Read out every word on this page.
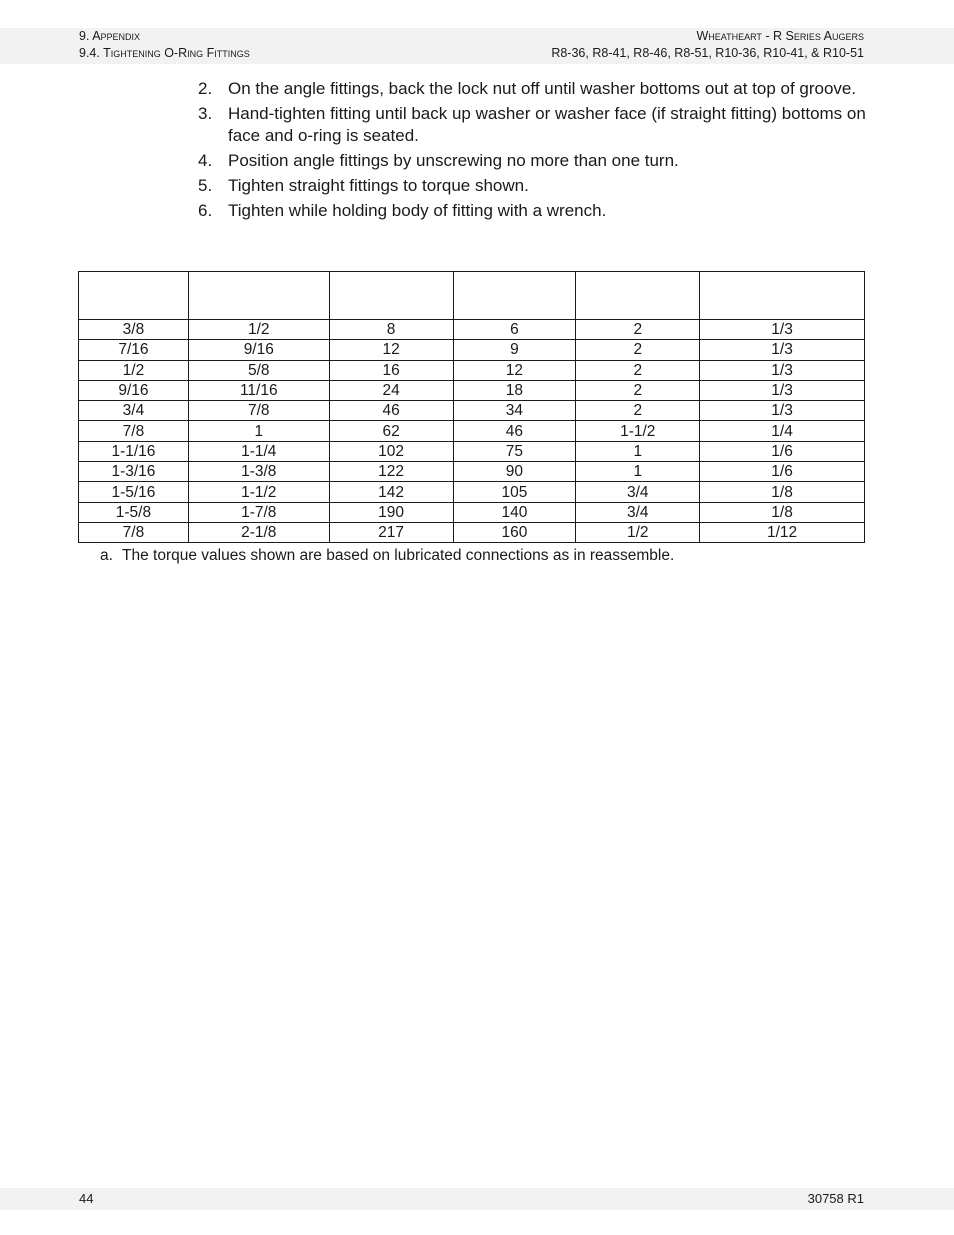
9. Appendix
9.4. Tightening O-Ring Fittings
Wheatheart - R Series Augers
R8-36, R8-41, R8-46, R8-51, R10-36, R10-41, & R10-51
2. On the angle fittings, back the lock nut off until washer bottoms out at top of groove.
3. Hand-tighten fitting until back up washer or washer face (if straight fitting) bottoms on face and o-ring is seated.
4. Position angle fittings by unscrewing no more than one turn.
5. Tighten straight fittings to torque shown.
6. Tighten while holding body of fitting with a wrench.

3/8	1/2	8	6	2	1/3
7/16	9/16	12	9	2	1/3
1/2	5/8	16	12	2	1/3
9/16	11/16	24	18	2	1/3
3/4	7/8	46	34	2	1/3
7/8	1	62	46	1-1/2	1/4
1-1/16	1-1/4	102	75	1	1/6
1-3/16	1-3/8	122	90	1	1/6
1-5/16	1-1/2	142	105	3/4	1/8
1-5/8	1-7/8	190	140	3/4	1/8
7/8	2-1/8	217	160	1/2	1/12
a. The torque values shown are based on lubricated connections as in reassemble.
44	30758 R1
